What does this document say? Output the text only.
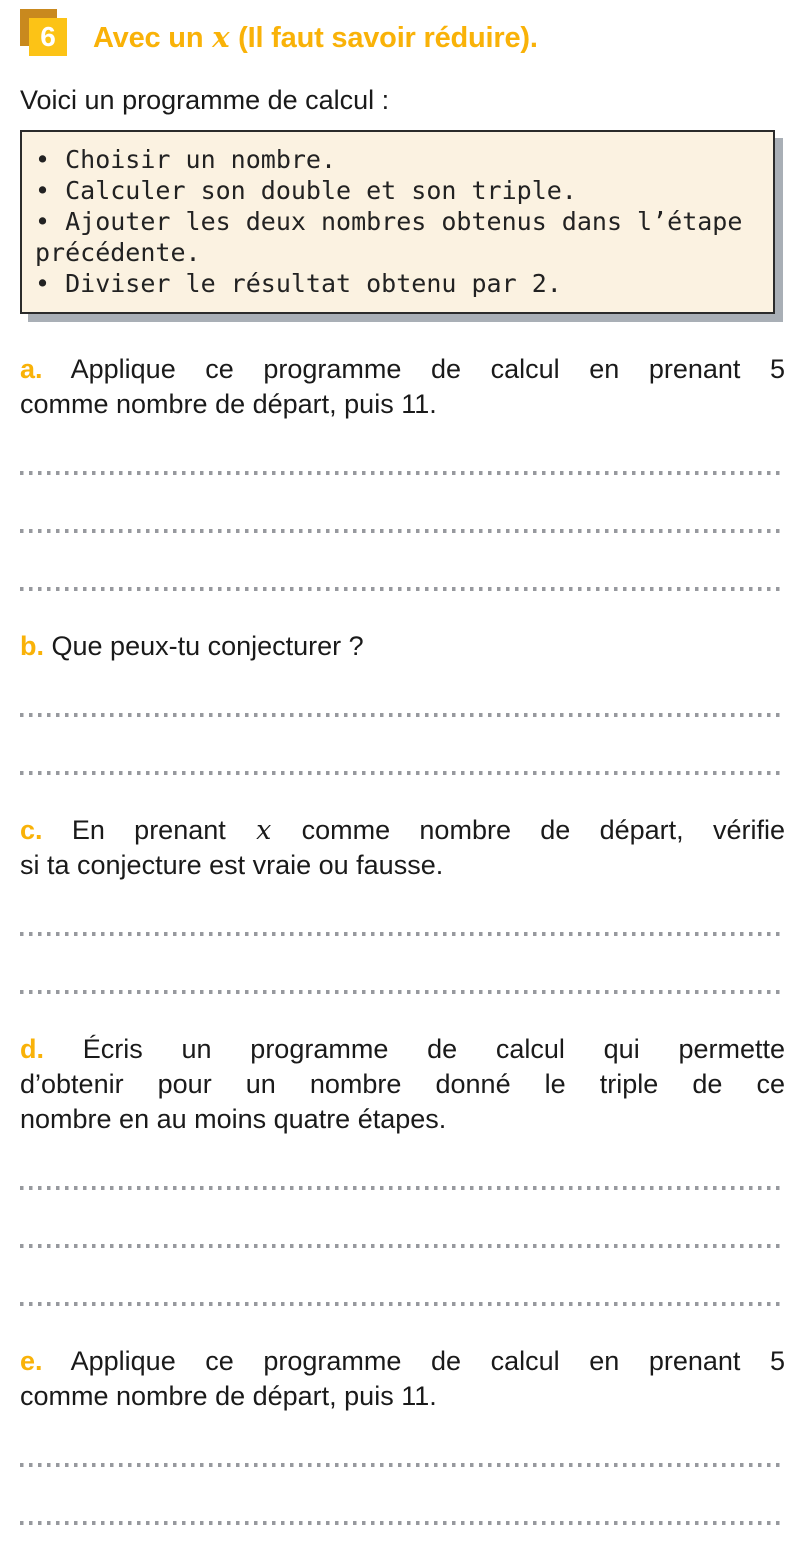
6 Avec un x (Il faut savoir réduire).
Voici un programme de calcul :
• Choisir un nombre.
• Calculer son double et son triple.
• Ajouter les deux nombres obtenus dans l’étape
précédente.
• Diviser le résultat obtenu par 2.
a. Applique ce programme de calcul en prenant 5
comme nombre de départ, puis 11.
b. Que peux-tu conjecturer ?
c. En prenant x comme nombre de départ, vérifie
si ta conjecture est vraie ou fausse.
d. Écris un programme de calcul qui permette
d’obtenir pour un nombre donné le triple de ce
nombre en au moins quatre étapes.
e. Applique ce programme de calcul en prenant 5
comme nombre de départ, puis 11.
